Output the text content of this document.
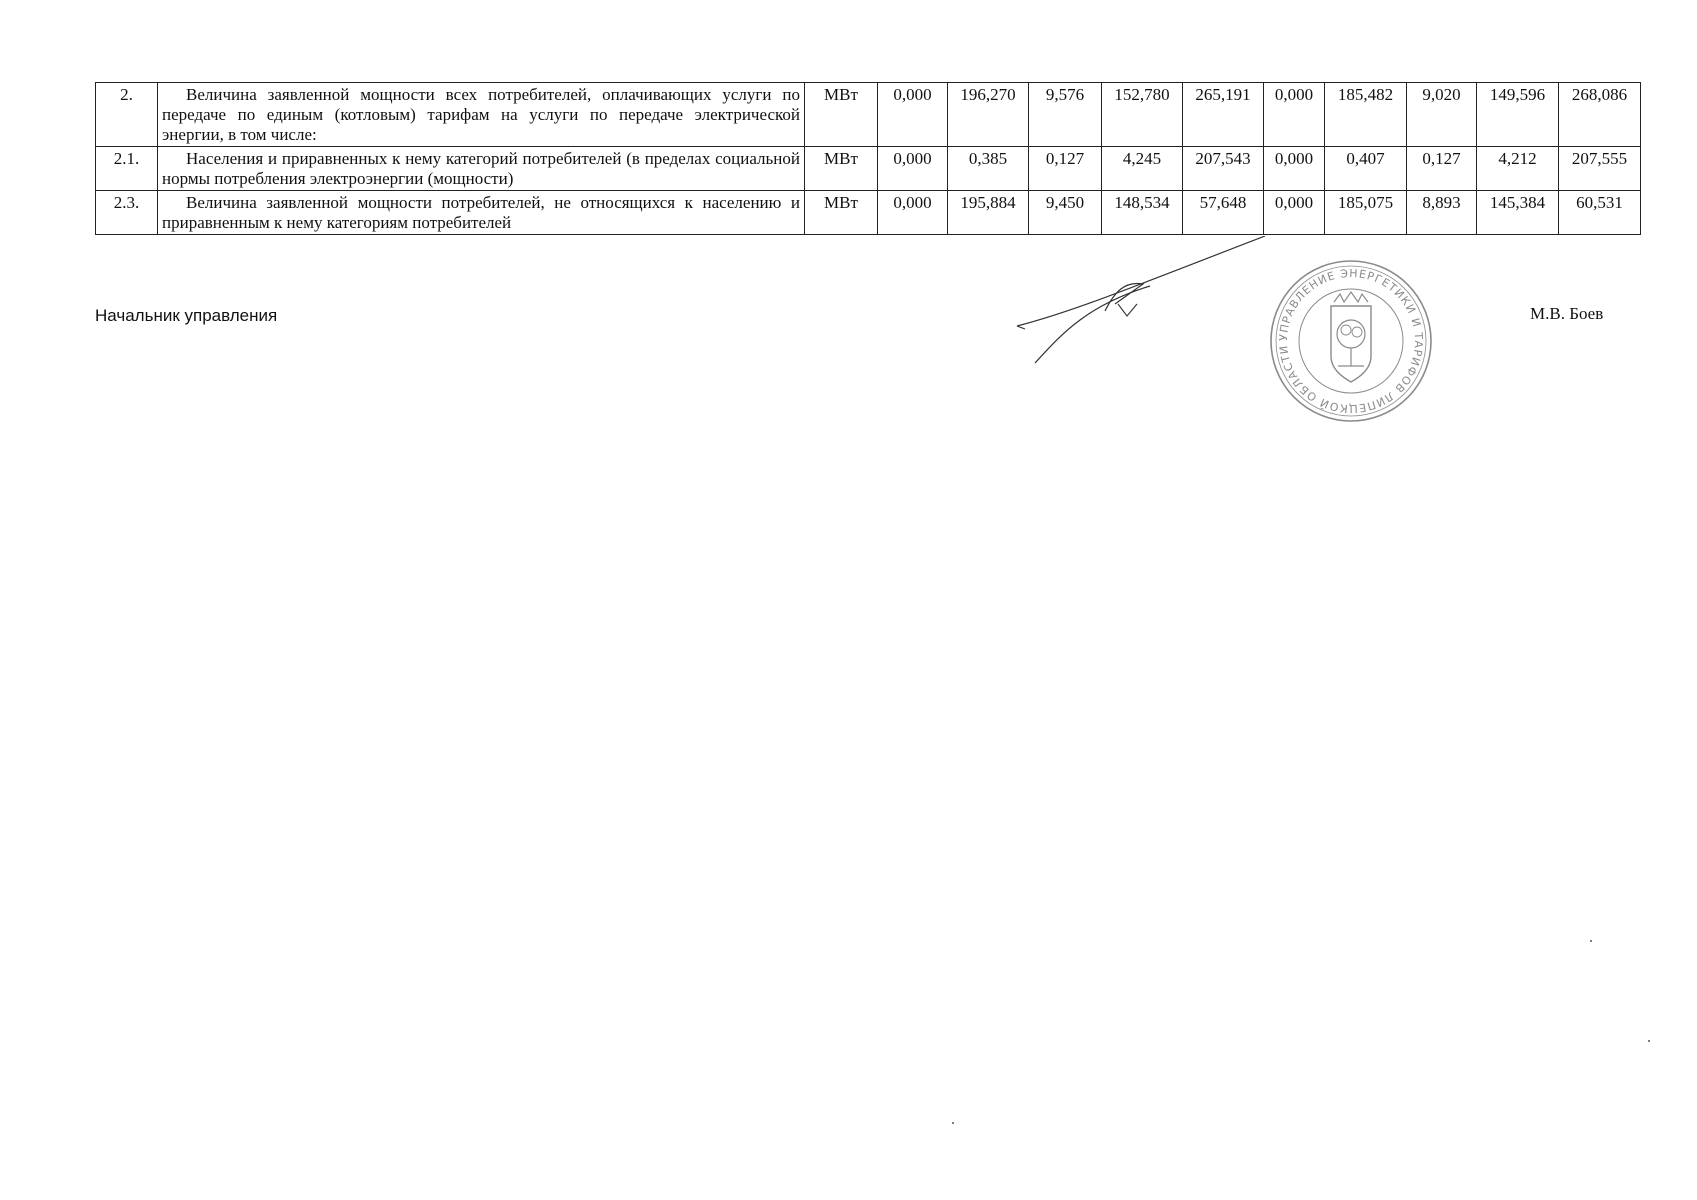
2.	Величина заявленной мощности всех потребителей, оплачивающих услуги по передаче по единым (котловым) тарифам на услуги по передаче электрической энергии, в том числе:	МВт	0,000	196,270	9,576	152,780	265,191	0,000	185,482	9,020	149,596	268,086
2.1.	Населения и приравненных к нему категорий потребителей (в пределах социальной нормы потребления электроэнергии (мощности)	МВт	0,000	0,385	0,127	4,245	207,543	0,000	0,407	0,127	4,212	207,555
2.3.	Величина заявленной мощности потребителей, не относящихся к населению и приравненным к нему категориям потребителей	МВт	0,000	195,884	9,450	148,534	57,648	0,000	185,075	8,893	145,384	60,531
Начальник управления
УПРАВЛЕНИЕ ЭНЕРГЕТИКИ И ТАРИФОВ ЛИПЕЦКОЙ ОБЛАСТИ
М.В. Боев
